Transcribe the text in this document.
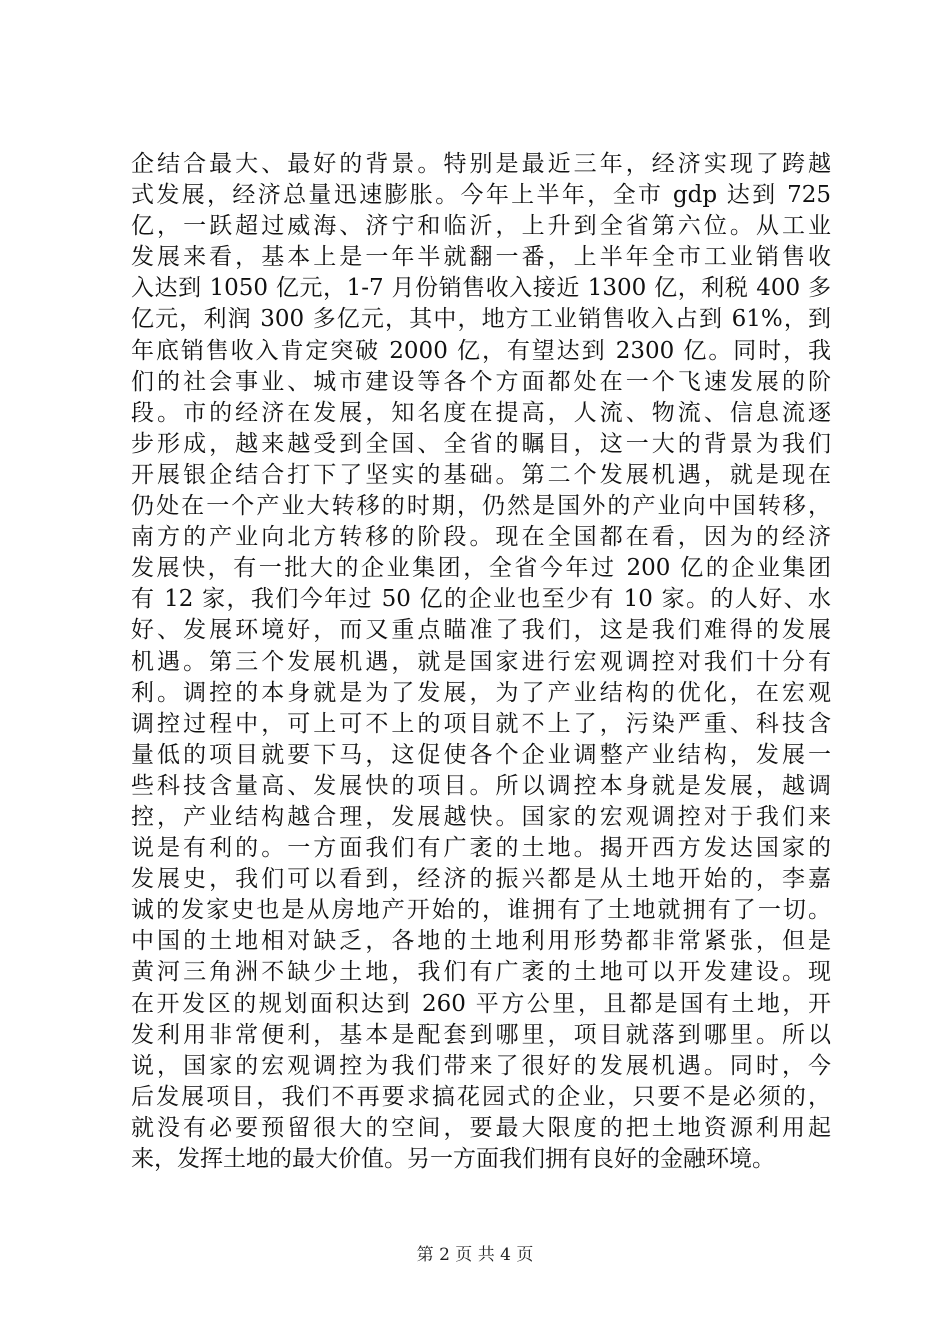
企结合最大、最好的背景。特别是最近三年，经济实现了跨越
式发展，经济总量迅速膨胀。今年上半年，全市 gdp 达到 725
亿，一跃超过威海、济宁和临沂，上升到全省第六位。从工业
发展来看，基本上是一年半就翻一番，上半年全市工业销售收
入达到 1050 亿元，1-7 月份销售收入接近 1300 亿，利税 400 多
亿元，利润 300 多亿元，其中，地方工业销售收入占到 61%，到
年底销售收入肯定突破 2000 亿，有望达到 2300 亿。同时，我
们的社会事业、城市建设等各个方面都处在一个飞速发展的阶
段。市的经济在发展，知名度在提高，人流、物流、信息流逐
步形成，越来越受到全国、全省的瞩目，这一大的背景为我们
开展银企结合打下了坚实的基础。第二个发展机遇，就是现在
仍处在一个产业大转移的时期，仍然是国外的产业向中国转移，
南方的产业向北方转移的阶段。现在全国都在看，因为的经济
发展快，有一批大的企业集团，全省今年过 200 亿的企业集团
有 12 家，我们今年过 50 亿的企业也至少有 10 家。的人好、水
好、发展环境好，而又重点瞄准了我们，这是我们难得的发展
机遇。第三个发展机遇，就是国家进行宏观调控对我们十分有
利。调控的本身就是为了发展，为了产业结构的优化，在宏观
调控过程中，可上可不上的项目就不上了，污染严重、科技含
量低的项目就要下马，这促使各个企业调整产业结构，发展一
些科技含量高、发展快的项目。所以调控本身就是发展，越调
控，产业结构越合理，发展越快。国家的宏观调控对于我们来
说是有利的。一方面我们有广袤的土地。揭开西方发达国家的
发展史，我们可以看到，经济的振兴都是从土地开始的，李嘉
诚的发家史也是从房地产开始的，谁拥有了土地就拥有了一切。
中国的土地相对缺乏，各地的土地利用形势都非常紧张，但是
黄河三角洲不缺少土地，我们有广袤的土地可以开发建设。现
在开发区的规划面积达到 260 平方公里，且都是国有土地，开
发利用非常便利，基本是配套到哪里，项目就落到哪里。所以
说，国家的宏观调控为我们带来了很好的发展机遇。同时，今
后发展项目，我们不再要求搞花园式的企业，只要不是必须的，
就没有必要预留很大的空间，要最大限度的把土地资源利用起
来，发挥土地的最大价值。另一方面我们拥有良好的金融环境。
第 2 页 共 4 页
